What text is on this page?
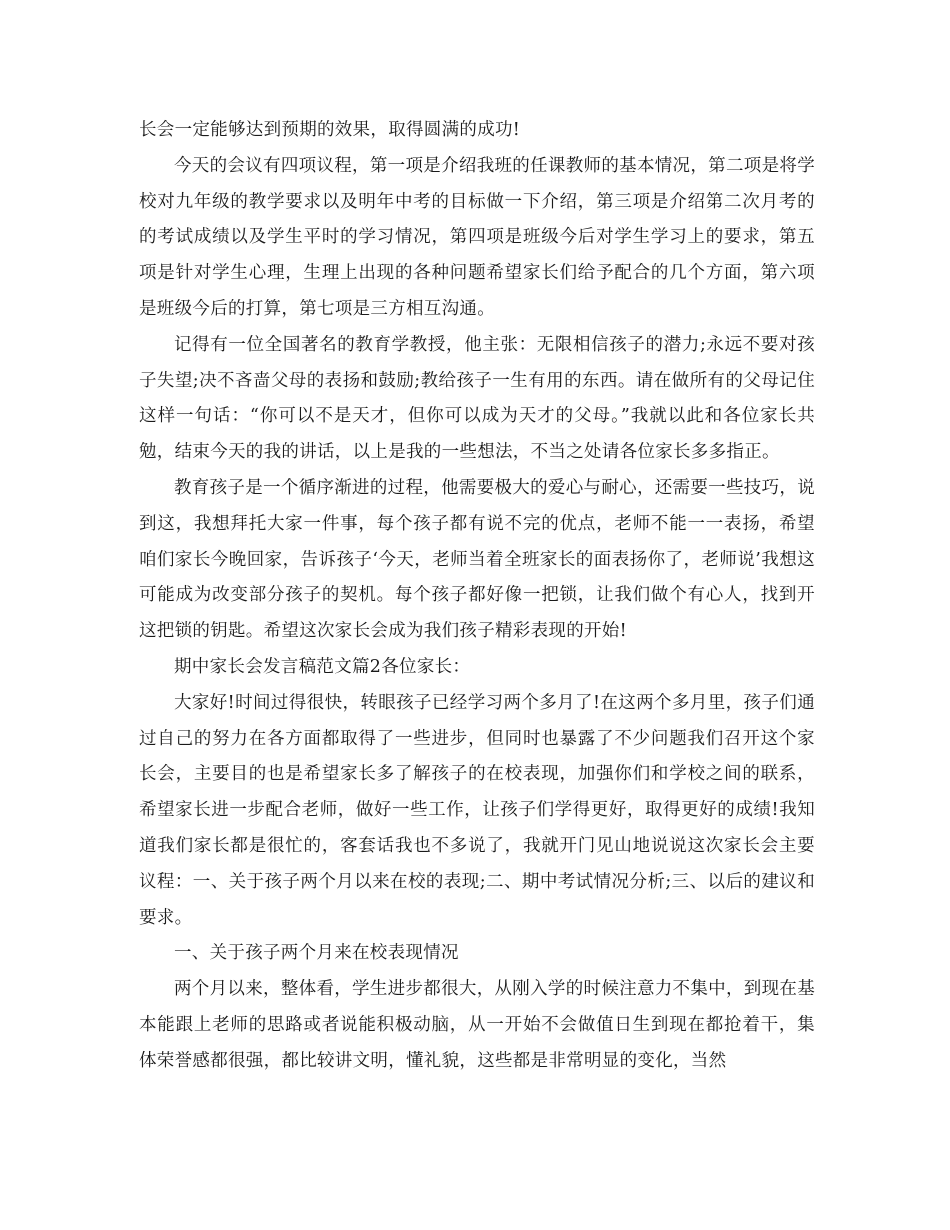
长会一定能够达到预期的效果，取得圆满的成功!

今天的会议有四项议程，第一项是介绍我班的任课教师的基本情况，第二项是将学校对九年级的教学要求以及明年中考的目标做一下介绍，第三项是介绍第二次月考的的考试成绩以及学生平时的学习情况，第四项是班级今后对学生学习上的要求，第五项是针对学生心理，生理上出现的各种问题希望家长们给予配合的几个方面，第六项是班级今后的打算，第七项是三方相互沟通。

记得有一位全国著名的教育学教授，他主张：无限相信孩子的潜力;永远不要对孩子失望;决不吝啬父母的表扬和鼓励;教给孩子一生有用的东西。请在做所有的父母记住这样一句话：“你可以不是天才，但你可以成为天才的父母。”我就以此和各位家长共勉，结束今天的我的讲话，以上是我的一些想法，不当之处请各位家长多多指正。

教育孩子是一个循序渐进的过程，他需要极大的爱心与耐心，还需要一些技巧，说到这，我想拜托大家一件事，每个孩子都有说不完的优点，老师不能一一表扬，希望咱们家长今晚回家，告诉孩子‘今天，老师当着全班家长的面表扬你了，老师说’我想这可能成为改变部分孩子的契机。每个孩子都好像一把锁，让我们做个有心人，找到开这把锁的钥匙。希望这次家长会成为我们孩子精彩表现的开始!

期中家长会发言稿范文篇2各位家长：

大家好!时间过得很快，转眼孩子已经学习两个多月了!在这两个多月里，孩子们通过自己的努力在各方面都取得了一些进步，但同时也暴露了不少问题我们召开这个家长会，主要目的也是希望家长多了解孩子的在校表现，加强你们和学校之间的联系，希望家长进一步配合老师，做好一些工作，让孩子们学得更好，取得更好的成绩!我知道我们家长都是很忙的，客套话我也不多说了，我就开门见山地说说这次家长会主要议程：一、关于孩子两个月以来在校的表现;二、期中考试情况分析;三、以后的建议和要求。

一、关于孩子两个月来在校表现情况

两个月以来，整体看，学生进步都很大，从刚入学的时候注意力不集中，到现在基本能跟上老师的思路或者说能积极动脑，从一开始不会做值日生到现在都抢着干，集体荣誉感都很强，都比较讲文明，懂礼貌，这些都是非常明显的变化，当然
